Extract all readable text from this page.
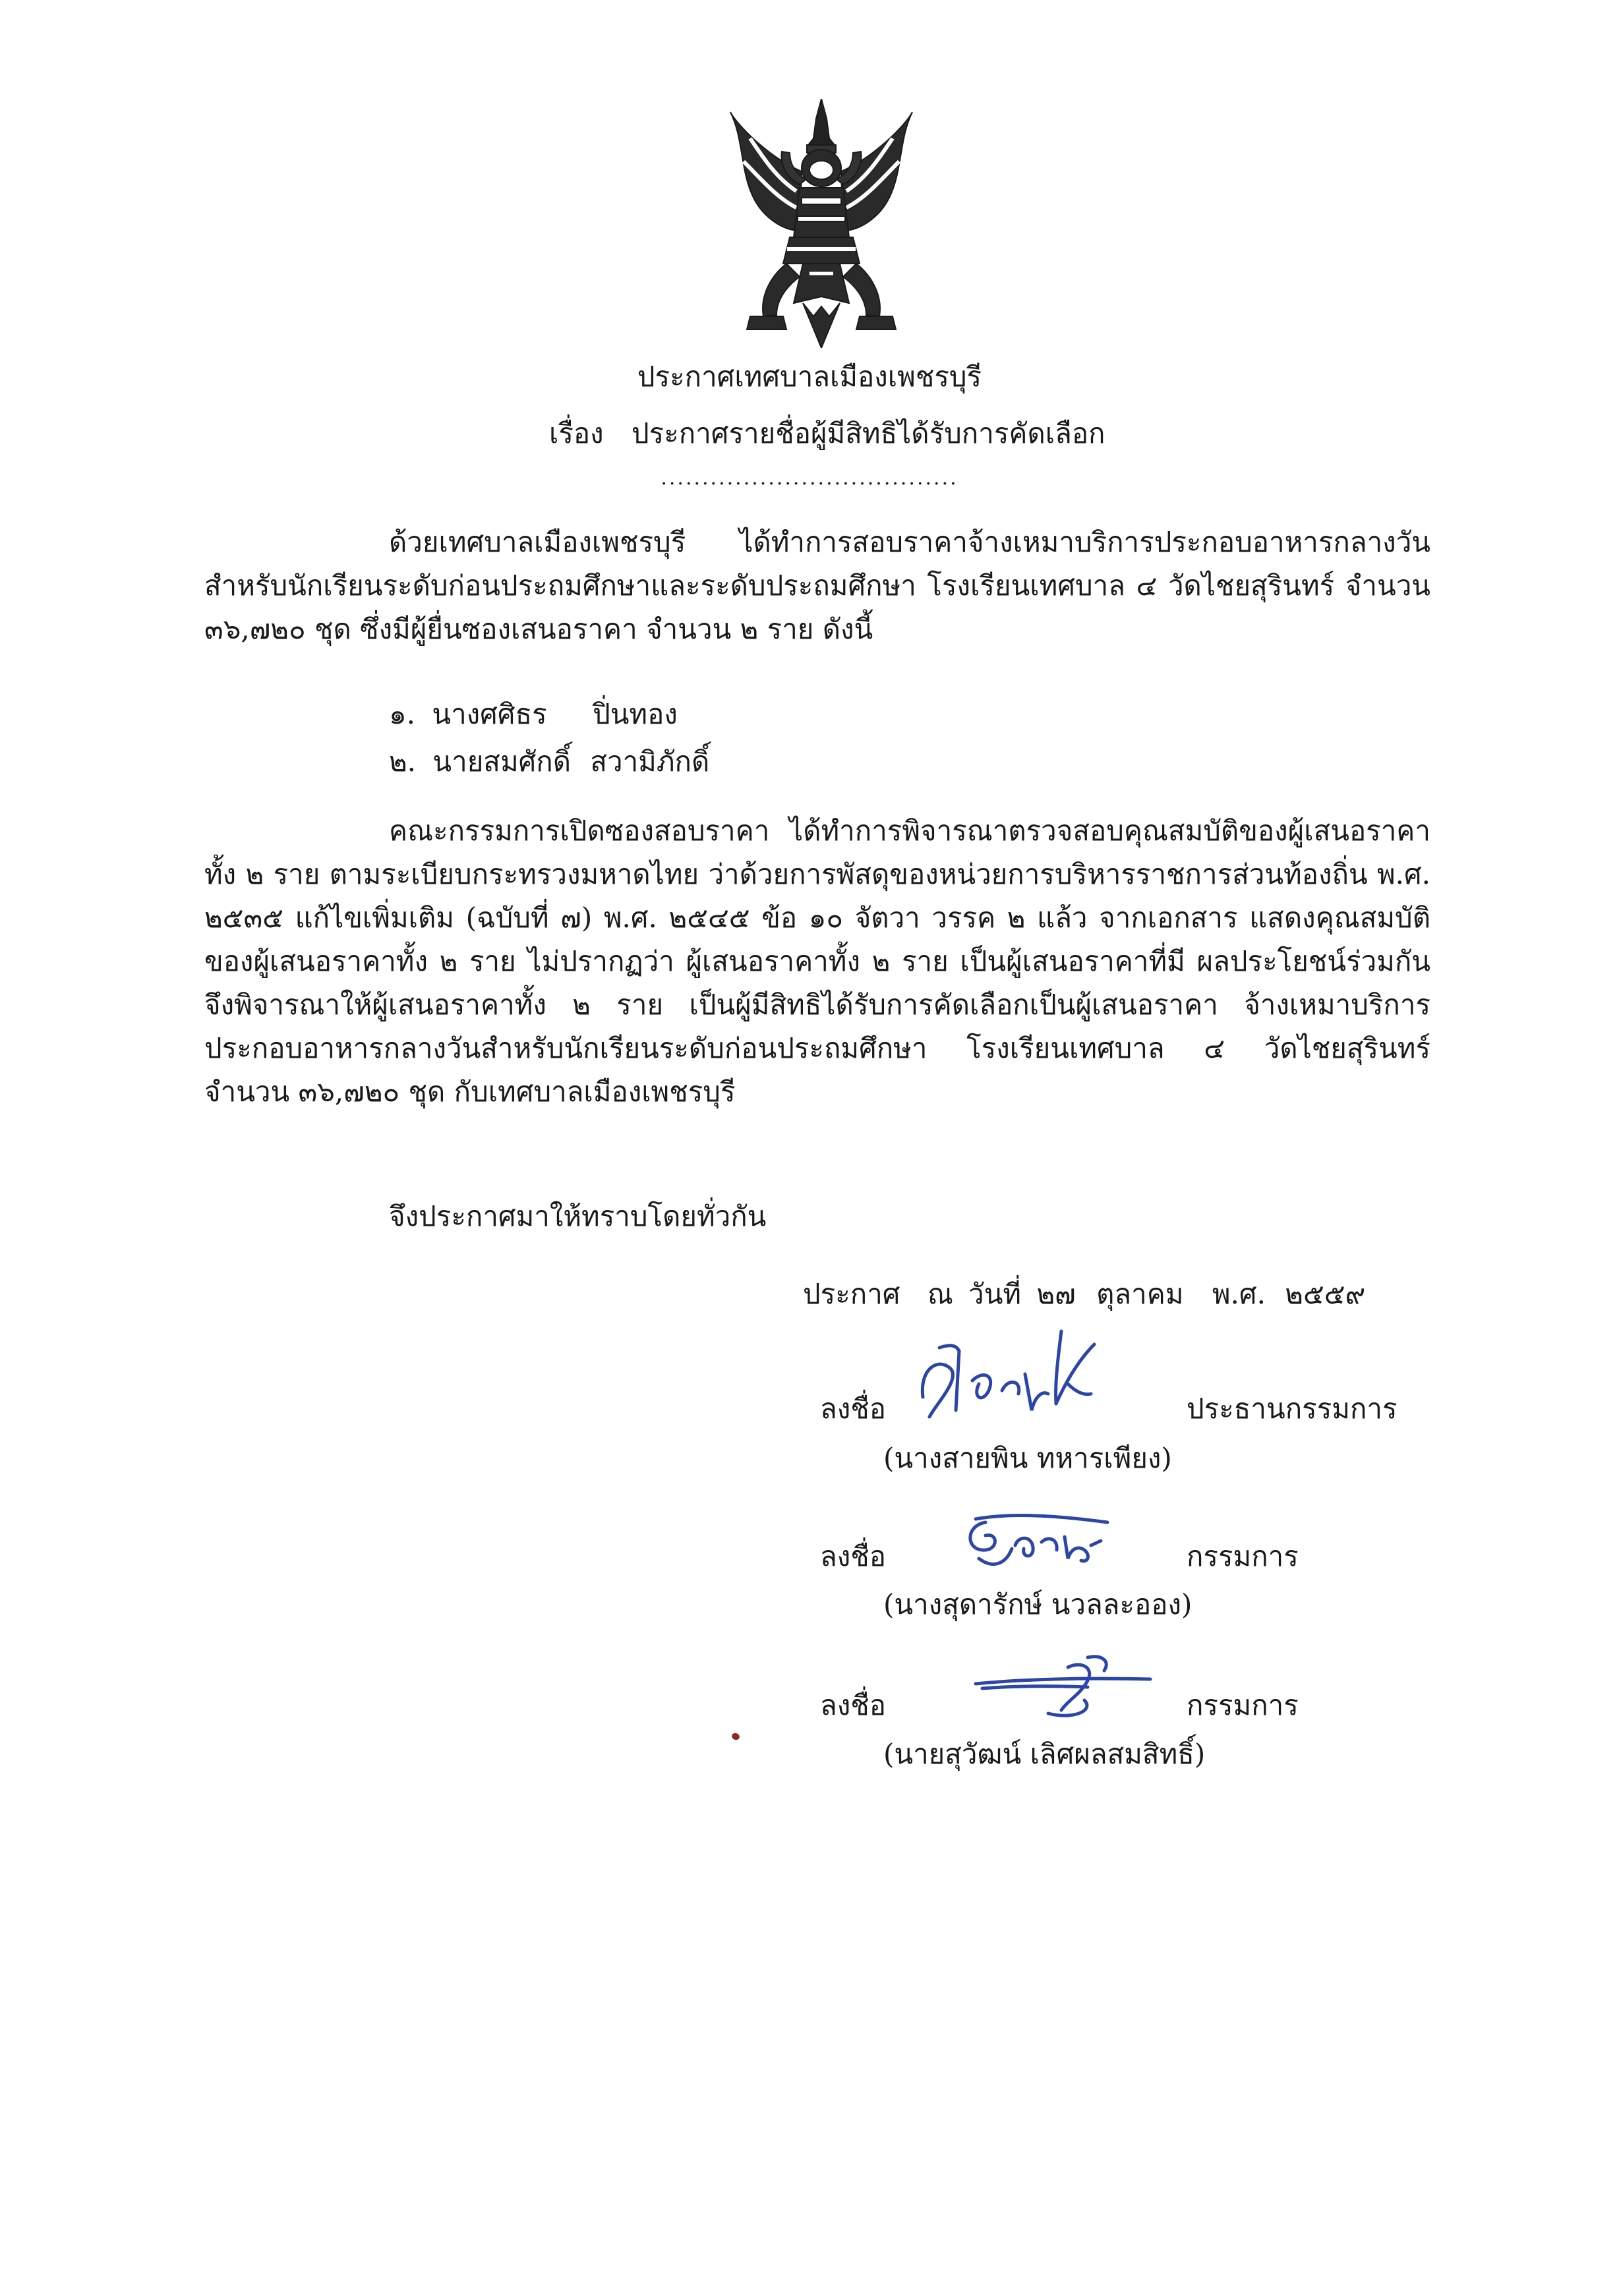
ประกาศเทศบาลเมืองเพชรบุรี
เรื่อง ประกาศรายชื่อผู้มีสิทธิได้รับการคัดเลือก
....................................
ด้วยเทศบาลเมืองเพชรบุรี ได้ทำการสอบราคาจ้างเหมาบริการประกอบอาหารกลางวัน สำหรับนักเรียนระดับก่อนประถมศึกษาและระดับประถมศึกษา โรงเรียนเทศบาล ๔ วัดไชยสุรินทร์ จำนวน ๓๖,๗๒๐ ชุด ซึ่งมีผู้ยื่นซองเสนอราคา จำนวน ๒ ราย ดังนี้
๑. นางศศิธร ปิ่นทอง
๒. นายสมศักดิ์ สวามิภักดิ์
คณะกรรมการเปิดซองสอบราคา ได้ทำการพิจารณาตรวจสอบคุณสมบัติของผู้เสนอราคา ทั้ง ๒ ราย ตามระเบียบกระทรวงมหาดไทย ว่าด้วยการพัสดุของหน่วยการบริหารราชการส่วนท้องถิ่น พ.ศ. ๒๕๓๕ แก้ไขเพิ่มเติม (ฉบับที่ ๗) พ.ศ. ๒๕๔๕ ข้อ ๑๐ จัตวา วรรค ๒ แล้ว จากเอกสาร แสดงคุณสมบัติของผู้เสนอราคาทั้ง ๒ ราย ไม่ปรากฏว่า ผู้เสนอราคาทั้ง ๒ ราย เป็นผู้เสนอราคาที่มี ผลประโยชน์ร่วมกัน จึงพิจารณาให้ผู้เสนอราคาทั้ง ๒ ราย เป็นผู้มีสิทธิได้รับการคัดเลือกเป็นผู้เสนอราคา จ้างเหมาบริการประกอบอาหารกลางวันสำหรับนักเรียนระดับก่อนประถมศึกษา โรงเรียนเทศบาล ๔ วัดไชยสุรินทร์ จำนวน ๓๖,๗๒๐ ชุด กับเทศบาลเมืองเพชรบุรี
จึงประกาศมาให้ทราบโดยทั่วกัน
ประกาศ ณ วันที่ ๒๗ ตุลาคม พ.ศ. ๒๕๕๙
ลงชื่อ	ประธานกรรมการ
(นางสายพิน ทหารเพียง)
ลงชื่อ	กรรมการ
(นางสุดารักษ์ นวลละออง)
ลงชื่อ	กรรมการ
(นายสุวัฒน์ เลิศผลสมสิทธิ์)
